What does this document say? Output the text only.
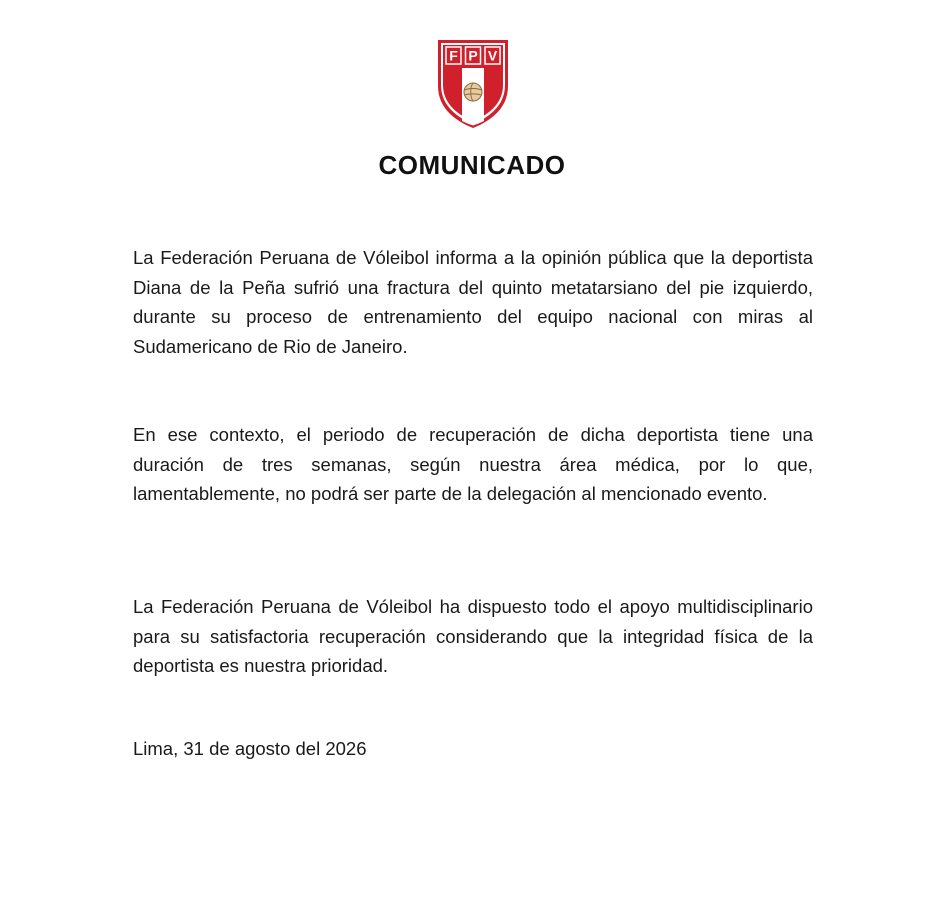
F P V
COMUNICADO
La Federación Peruana de Vóleibol informa a la opinión pública que la deportista Diana de la Peña sufrió una fractura del quinto metatarsiano del pie izquierdo, durante su proceso de entrenamiento del equipo nacional con miras al Sudamericano de Rio de Janeiro.
En ese contexto, el periodo de recuperación de dicha deportista tiene una duración de tres semanas, según nuestra área médica, por lo que, lamentablemente, no podrá ser parte de la delegación al mencionado evento.
La Federación Peruana de Vóleibol ha dispuesto todo el apoyo multidisciplinario para su satisfactoria recuperación considerando que la integridad física de la deportista es nuestra prioridad.
Lima, 31 de agosto del 2026
